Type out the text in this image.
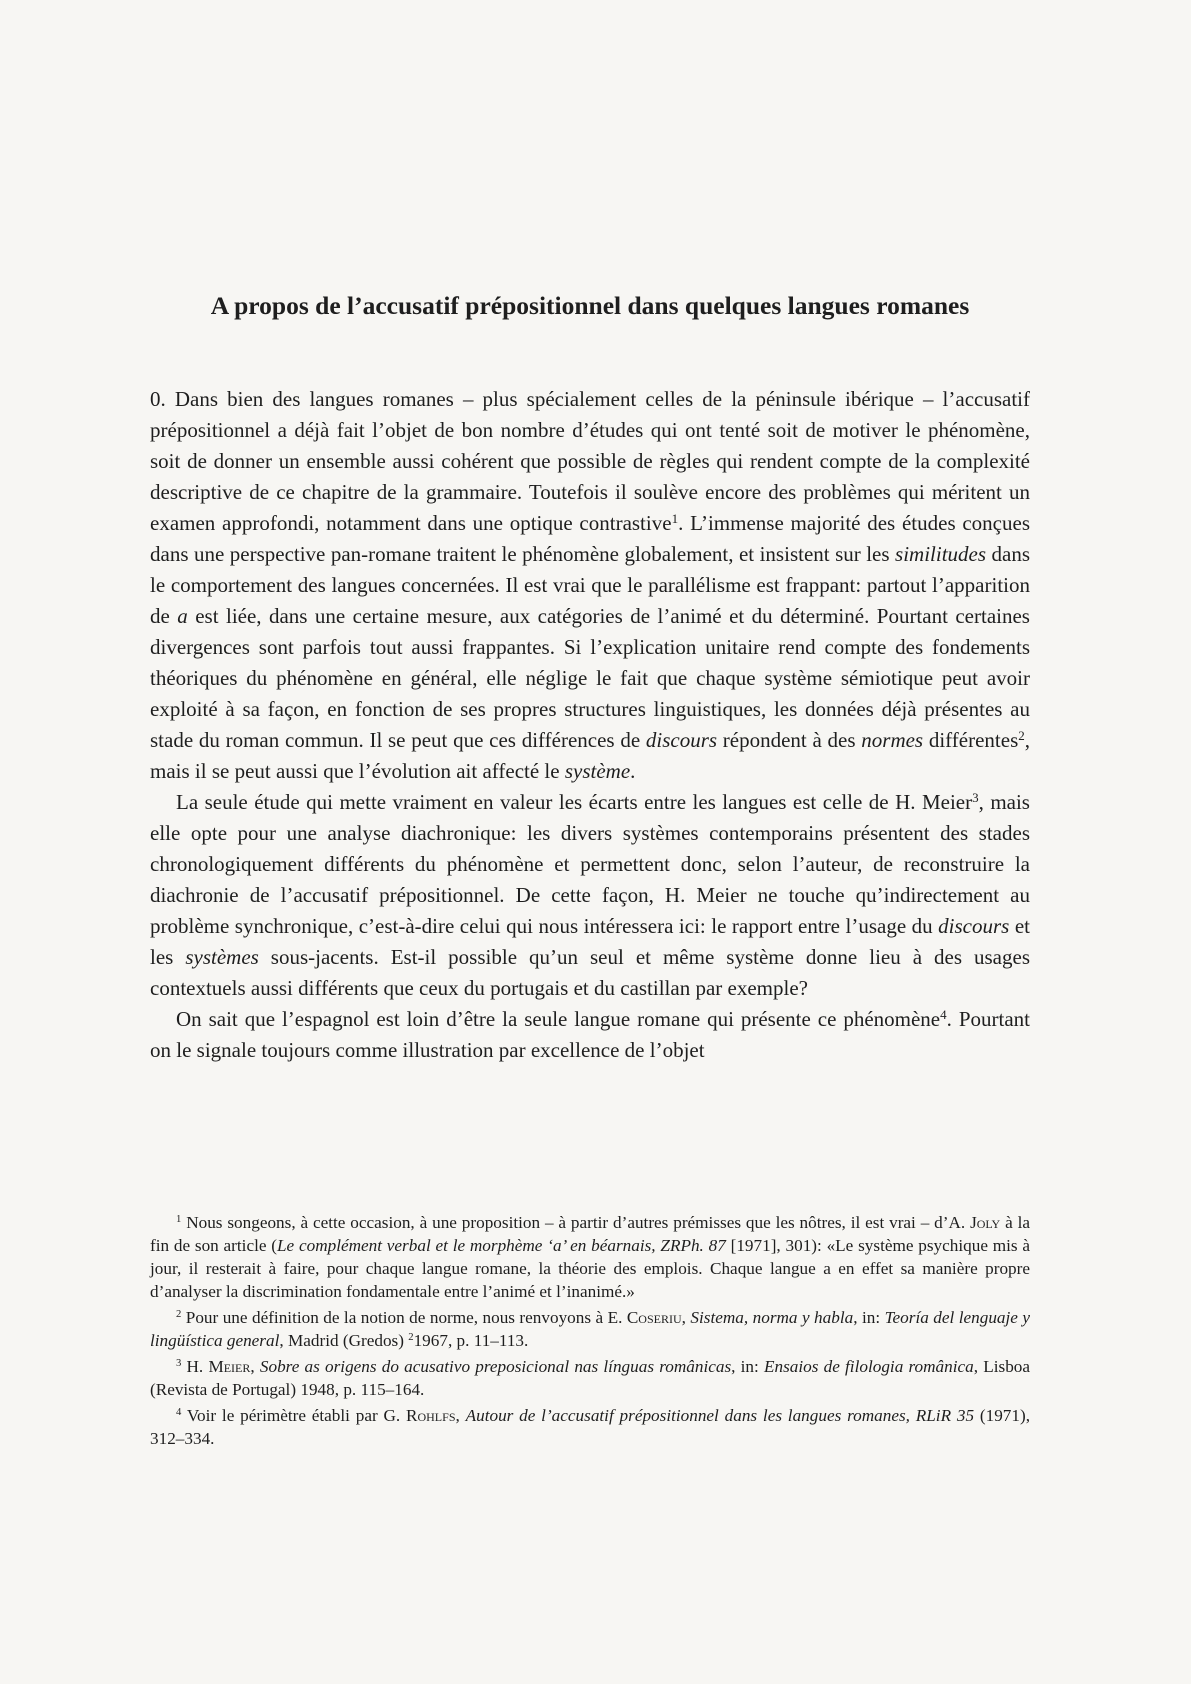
A propos de l’accusatif prépositionnel dans quelques langues romanes

0. Dans bien des langues romanes – plus spécialement celles de la péninsule ibérique – l’accusatif prépositionnel a déjà fait l’objet de bon nombre d’études qui ont tenté soit de motiver le phénomène, soit de donner un ensemble aussi cohérent que possible de règles qui rendent compte de la complexité descriptive de ce chapitre de la grammaire. Toutefois il soulève encore des problèmes qui méritent un examen approfondi, notamment dans une optique contrastive$^1$. L’immense majorité des études conçues dans une perspective pan-romane traitent le phénomène globalement, et insistent sur les similitudes dans le comportement des langues concernées. Il est vrai que le parallélisme est frappant: partout l’apparition de a est liée, dans une certaine mesure, aux catégories de l’animé et du déterminé. Pourtant certaines divergences sont parfois tout aussi frappantes. Si l’explication unitaire rend compte des fondements théoriques du phénomène en général, elle néglige le fait que chaque système sémiotique peut avoir exploité à sa façon, en fonction de ses propres structures linguistiques, les données déjà présentes au stade du roman commun. Il se peut que ces différences de discours répondent à des normes différentes$^2$, mais il se peut aussi que l’évolution ait affecté le système.

La seule étude qui mette vraiment en valeur les écarts entre les langues est celle de H. Meier$^3$, mais elle opte pour une analyse diachronique: les divers systèmes contemporains présentent des stades chronologiquement différents du phénomène et permettent donc, selon l’auteur, de reconstruire la diachronie de l’accusatif prépositionnel. De cette façon, H. Meier ne touche qu’indirectement au problème synchronique, c’est-à-dire celui qui nous intéressera ici: le rapport entre l’usage du discours et les systèmes sous-jacents. Est-il possible qu’un seul et même système donne lieu à des usages contextuels aussi différents que ceux du portugais et du castillan par exemple?

On sait que l’espagnol est loin d’être la seule langue romane qui présente ce phénomène$^4$. Pourtant on le signale toujours comme illustration par excellence de l’objet

$^1$ Nous songeons, à cette occasion, à une proposition – à partir d’autres prémisses que les nôtres, il est vrai – d’A. Joly à la fin de son article (Le complément verbal et le morphème ‘a’ en béarnais, ZRPh. 87 [1971], 301): «Le système psychique mis à jour, il resterait à faire, pour chaque langue romane, la théorie des emplois. Chaque langue a en effet sa manière propre d’analyser la discrimination fondamentale entre l’animé et l’inanimé.»

$^2$ Pour une définition de la notion de norme, nous renvoyons à E. Coseriu, Sistema, norma y habla, in: Teoría del lenguaje y lingüística general, Madrid (Gredos) $^2$1967, p. 11–113.

$^3$ H. Meier, Sobre as origens do acusativo preposicional nas línguas românicas, in: Ensaios de filologia românica, Lisboa (Revista de Portugal) 1948, p. 115–164.

$^4$ Voir le périmètre établi par G. Rohlfs, Autour de l’accusatif prépositionnel dans les langues romanes, RLiR 35 (1971), 312–334.
